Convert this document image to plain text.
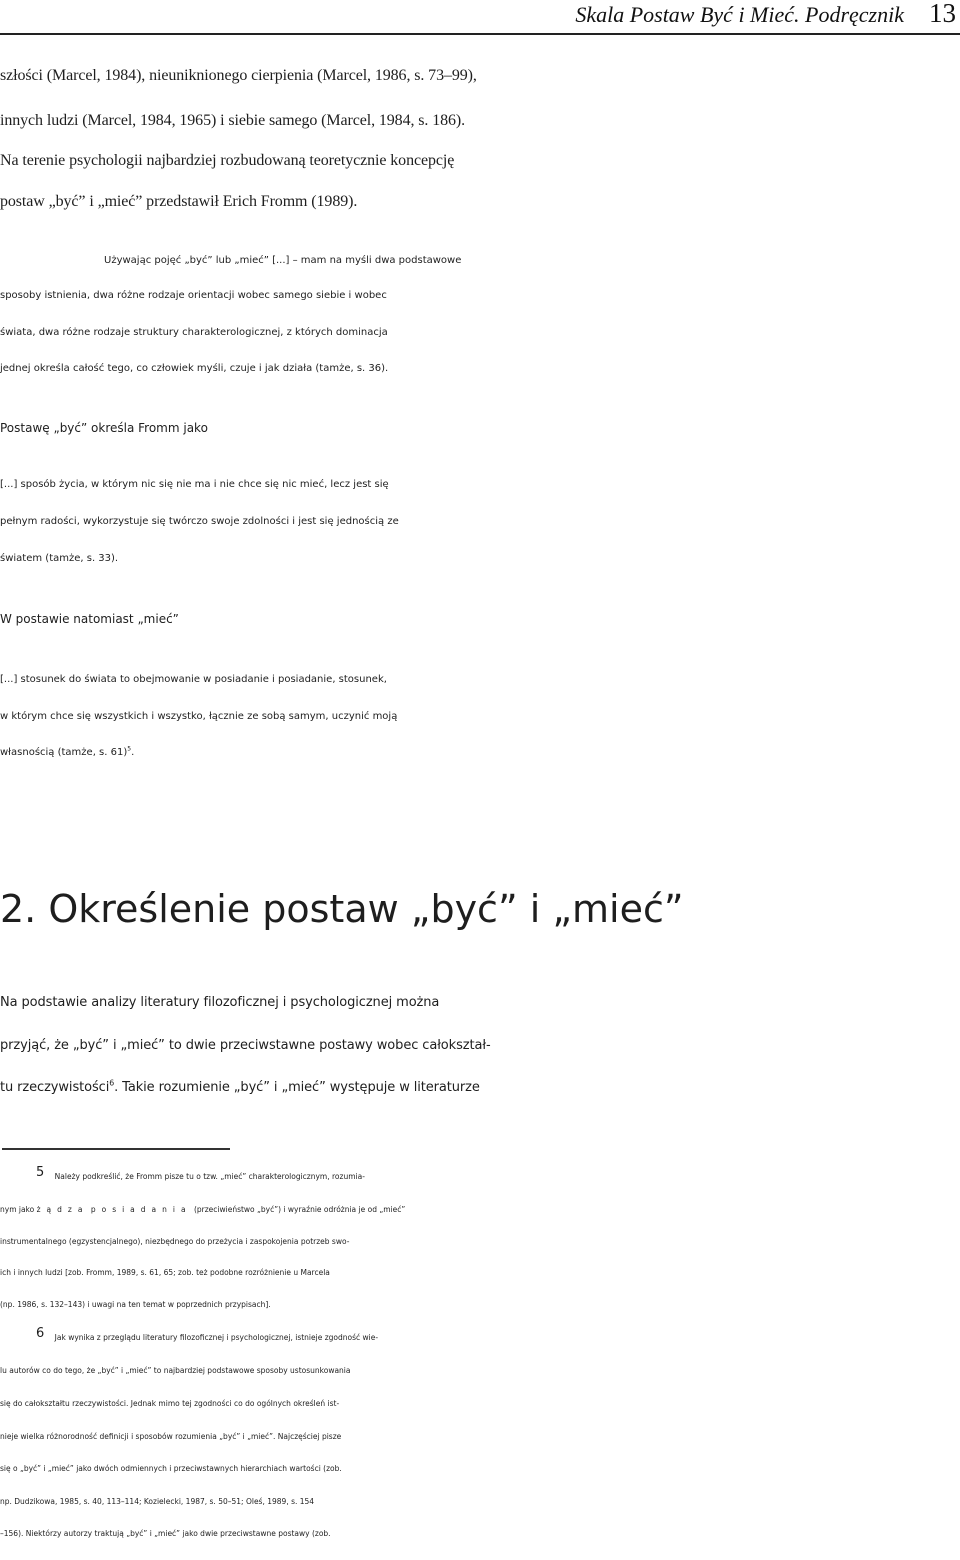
Skala Postaw Być i Mieć. Podręcznik 13
szłości (Marcel, 1984), nieuniknionego cierpienia (Marcel, 1986, s. 73–99),
innych ludzi (Marcel, 1984, 1965) i siebie samego (Marcel, 1984, s. 186).
Na terenie psychologii najbardziej rozbudowaną teoretycznie koncepcję
postaw „być” i „mieć” przedstawił Erich Fromm (1989).
Używając pojęć „być” lub „mieć” [...] – mam na myśli dwa podstawowe
sposoby istnienia, dwa różne rodzaje orientacji wobec samego siebie i wobec
świata, dwa różne rodzaje struktury charakterologicznej, z których dominacja
jednej określa całość tego, co człowiek myśli, czuje i jak działa (tamże, s. 36).
Postawę „być” określa Fromm jako
[...] sposób życia, w którym nic się nie ma i nie chce się nic mieć, lecz jest się
pełnym radości, wykorzystuje się twórczo swoje zdolności i jest się jednością ze
światem (tamże, s. 33).
W postawie natomiast „mieć”
[...] stosunek do świata to obejmowanie w posiadanie i posiadanie, stosunek,
w którym chce się wszystkich i wszystko, łącznie ze sobą samym, uczynić moją
własnością (tamże, s. 61)$^5$.
2. Określenie postaw „być” i „mieć”
Na podstawie analizy literatury filozoficznej i psychologicznej można
przyjąć, że „być” i „mieć” to dwie przeciwstawne postawy wobec całokształ-
tu rzeczywistości$^6$. Takie rozumienie „być” i „mieć” występuje w literaturze
$^5$ Należy podkreślić, że Fromm pisze tu o tzw. „mieć” charakterologicznym, rozumia-
nym jako żądza posiadania (przeciwieństwo „być”) i wyraźnie odróżnia je od „mieć”
instrumentalnego (egzystencjalnego), niezbędnego do przeżycia i zaspokojenia potrzeb swo-
ich i innych ludzi [zob. Fromm, 1989, s. 61, 65; zob. też podobne rozróżnienie u Marcela
(np. 1986, s. 132–143) i uwagi na ten temat w poprzednich przypisach].
$^6$ Jak wynika z przeglądu literatury filozoficznej i psychologicznej, istnieje zgodność wie-
lu autorów co do tego, że „być” i „mieć” to najbardziej podstawowe sposoby ustosunkowania
się do całokształtu rzeczywistości. Jednak mimo tej zgodności co do ogólnych określeń ist-
nieje wielka różnorodność definicji i sposobów rozumienia „być” i „mieć”. Najczęściej pisze
się o „być” i „mieć” jako dwóch odmiennych i przeciwstawnych hierarchiach wartości (zob.
np. Dudzikowa, 1985, s. 40, 113–114; Kozielecki, 1987, s. 50–51; Oleś, 1989, s. 154
–156). Niektórzy autorzy traktują „być” i „mieć” jako dwie przeciwstawne postawy (zob.
